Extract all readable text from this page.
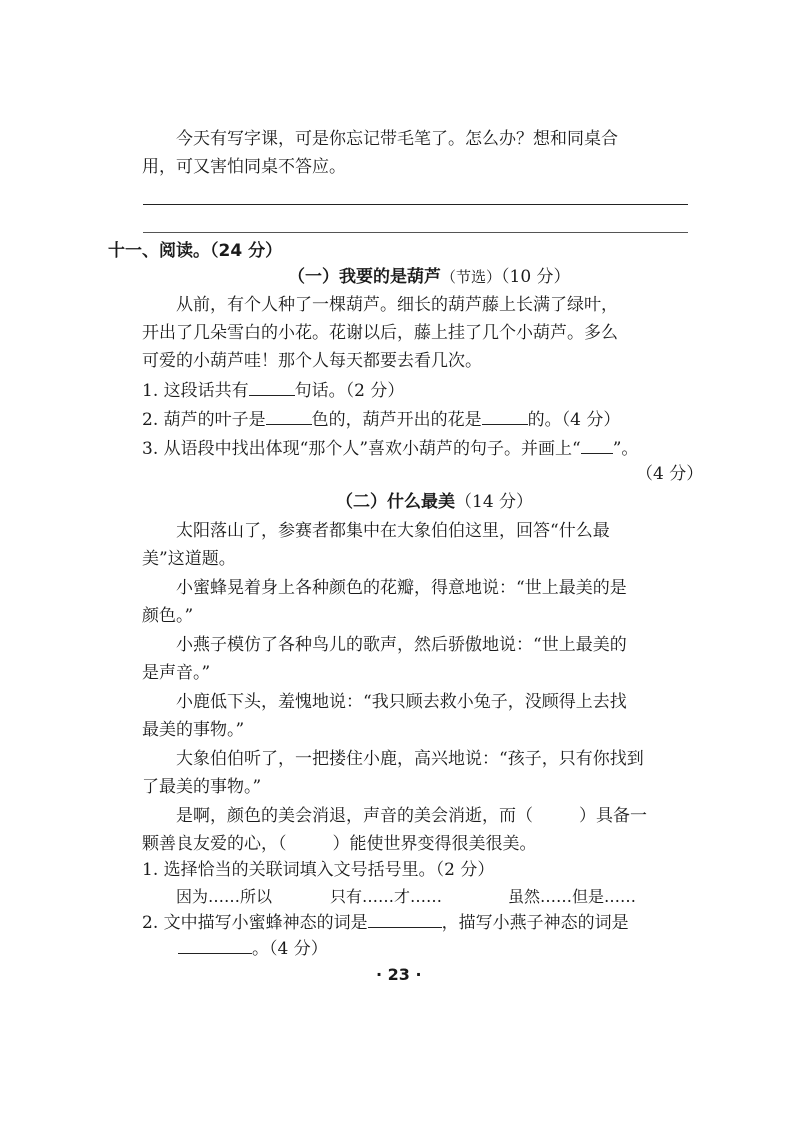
今天有写字课，可是你忘记带毛笔了。怎么办？想和同桌合
用，可又害怕同桌不答应。
十一、阅读。（24 分）
（一）我要的是葫芦（节选）（10 分）
从前，有个人种了一棵葫芦。细长的葫芦藤上长满了绿叶，
开出了几朵雪白的小花。花谢以后，藤上挂了几个小葫芦。多么
可爱的小葫芦哇！那个人每天都要去看几次。
1. 这段话共有	句话。（2 分）
2. 葫芦的叶子是	色的，葫芦开出的花是	的。（4 分）
3. 从语段中找出体现“那个人”喜欢小葫芦的句子。并画上“ ”。
（4 分）
（二）什么最美（14 分）
太阳落山了，参赛者都集中在大象伯伯这里，回答“什么最
美”这道题。
小蜜蜂晃着身上各种颜色的花瓣，得意地说：“世上最美的是
颜色。”
小燕子模仿了各种鸟儿的歌声，然后骄傲地说：“世上最美的
是声音。”
小鹿低下头，羞愧地说：“我只顾去救小兔子，没顾得上去找
最美的事物。”
大象伯伯听了，一把搂住小鹿，高兴地说：“孩子，只有你找到
了最美的事物。”
是啊，颜色的美会消退，声音的美会消逝，而（	）具备一
颗善良友爱的心，（	）能使世界变得很美很美。
1. 选择恰当的关联词填入文号括号里。（2 分）
因为……所以	只有……才……	虽然……但是……
2. 文中描写小蜜蜂神态的词是	，描写小燕子神态的词是
。（4 分）
· 23 ·
